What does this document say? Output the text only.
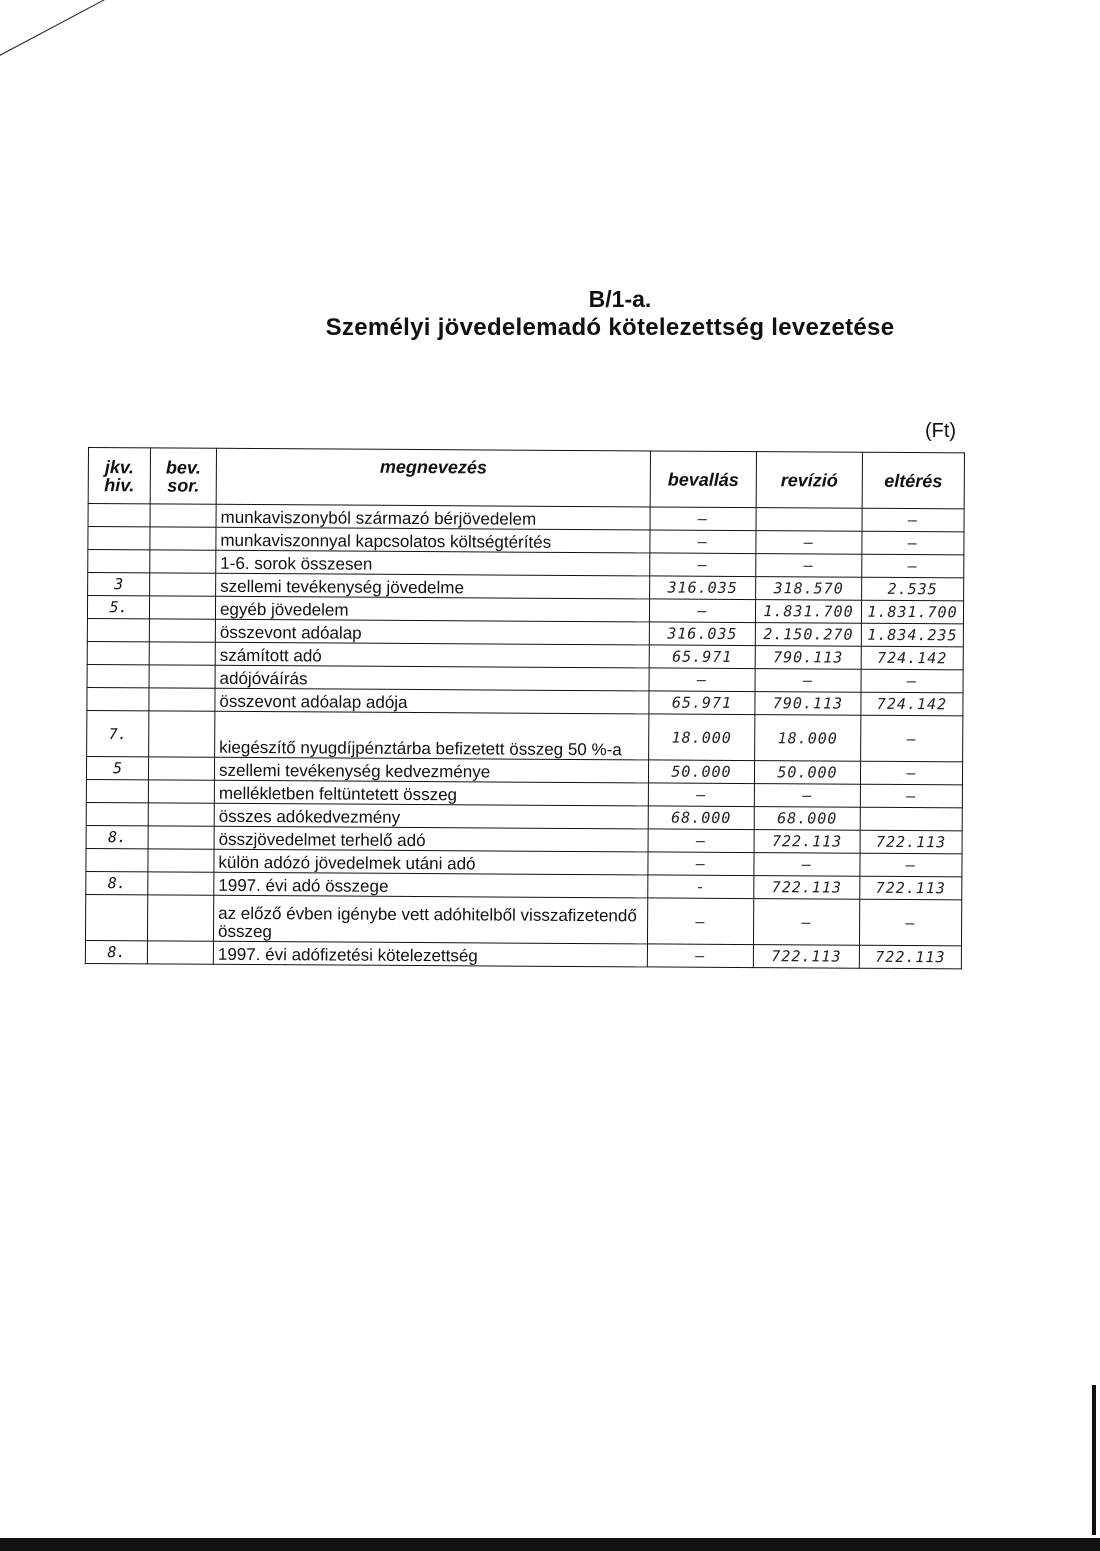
B/1-a.
Személyi jövedelemadó kötelezettség levezetése
(Ft)
jkv. hiv.	bev. sor.	megnevezés	bevallás	revízió	eltérés
		munkaviszonyból származó bérjövedelem	—		—
		munkaviszonnyal kapcsolatos költségtérítés	—	—	—
		1-6. sorok összesen	—	—	—
3		szellemi tevékenység jövedelme	316.035	318.570	2.535
5.		egyéb jövedelem	—	1.831.700	1.831.700
		összevont adóalap	316.035	2.150.270	1.834.235
		számított adó	65.971	790.113	724.142
		adójóváírás	—	—	—
		összevont adóalap adója	65.971	790.113	724.142
7.		kiegészítő nyugdíjpénztárba befizetett összeg 50 %-a	18.000	18.000	—
5		szellemi tevékenység kedvezménye	50.000	50.000	—
		mellékletben feltüntetett összeg	—	—	—
		összes adókedvezmény	68.000	68.000	
8.		összjövedelmet terhelő adó	—	722.113	722.113
		külön adózó jövedelmek utáni adó	—	—	—
8.		1997. évi adó összege	-	722.113	722.113
		az előző évben igénybe vett adóhitelből visszafizetendő összeg	—	—	—
8.		1997. évi adófizetési kötelezettség	—	722.113	722.113
